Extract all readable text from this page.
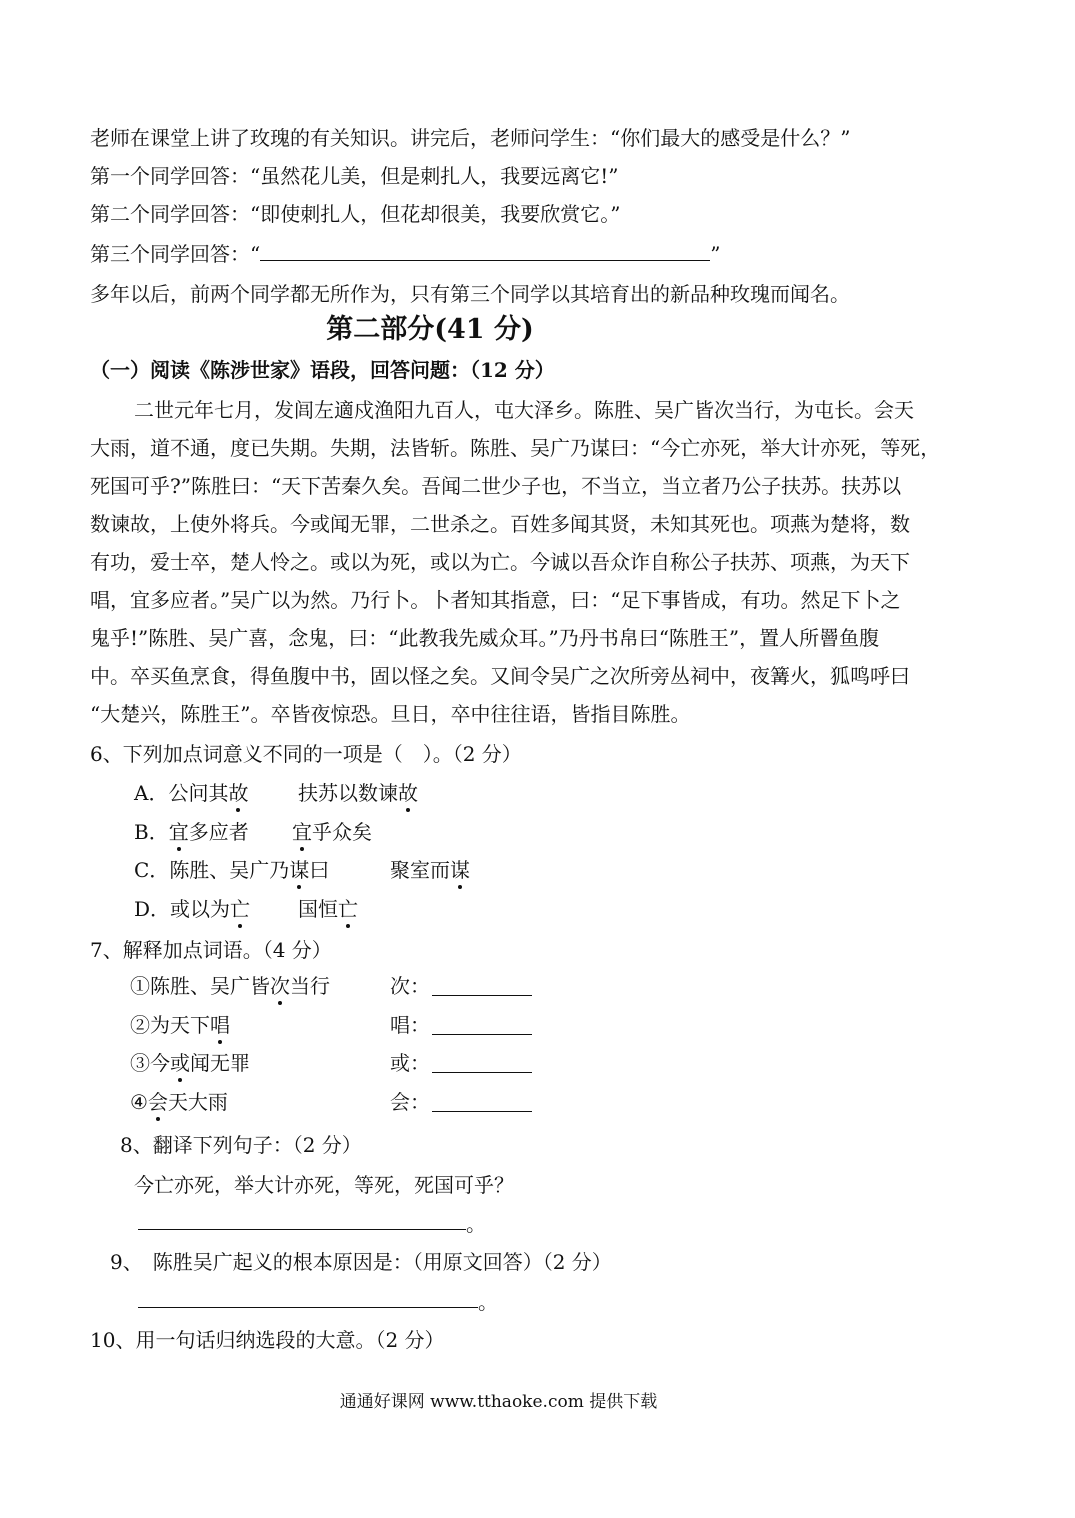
老师在课堂上讲了玫瑰的有关知识。讲完后，老师问学生：“你们最大的感受是什么？”
第一个同学回答：“虽然花儿美，但是刺扎人，我要远离它!”
第二个同学回答：“即使刺扎人，但花却很美，我要欣赏它。”
第三个同学回答：“	”
多年以后，前两个同学都无所作为，只有第三个同学以其培育出的新品种玫瑰而闻名。
第二部分(41 分)
（一）阅读《陈涉世家》语段，回答问题：（12 分）
二世元年七月，发闾左適戍渔阳九百人，屯大泽乡。陈胜、吴广皆次当行，为屯长。会天
大雨，道不通，度已失期。失期，法皆斩。陈胜、吴广乃谋曰：“今亡亦死，举大计亦死，等死，
死国可乎?”陈胜曰：“天下苦秦久矣。吾闻二世少子也，不当立，当立者乃公子扶苏。扶苏以
数谏故，上使外将兵。今或闻无罪，二世杀之。百姓多闻其贤，未知其死也。项燕为楚将，数
有功，爱士卒，楚人怜之。或以为死，或以为亡。今诚以吾众诈自称公子扶苏、项燕，为天下
唱，宜多应者。”吴广以为然。乃行卜。卜者知其指意，曰：“足下事皆成，有功。然足下卜之
鬼乎!”陈胜、吴广喜，念鬼，曰：“此教我先威众耳。”乃丹书帛曰“陈胜王”，置人所罾鱼腹
中。卒买鱼烹食，得鱼腹中书，固以怪之矣。又间令吴广之次所旁丛祠中，夜篝火，狐鸣呼曰
“大楚兴，陈胜王”。卒皆夜惊恐。旦日，卒中往往语，皆指目陈胜。
6、下列加点词意义不同的一项是（　）。（2 分）
A．公问其故 扶苏以数谏故
B．宜多应者 宜乎众矣
C．陈胜、吴广乃谋曰	聚室而谋
D．或以为亡 国恒亡
7、解释加点词语。（4 分）
①陈胜、吴广皆次当行	次：
②为天下唱	唱：
③今或闻无罪	或：
④会天大雨	会：
8、翻译下列句子：（2 分）
今亡亦死，举大计亦死，等死，死国可乎？
。
9、　陈胜吴广起义的根本原因是：（用原文回答）（2 分）
。
10、用一句话归纳选段的大意。（2 分）
通通好课网 www.tthaoke.com 提供下载
